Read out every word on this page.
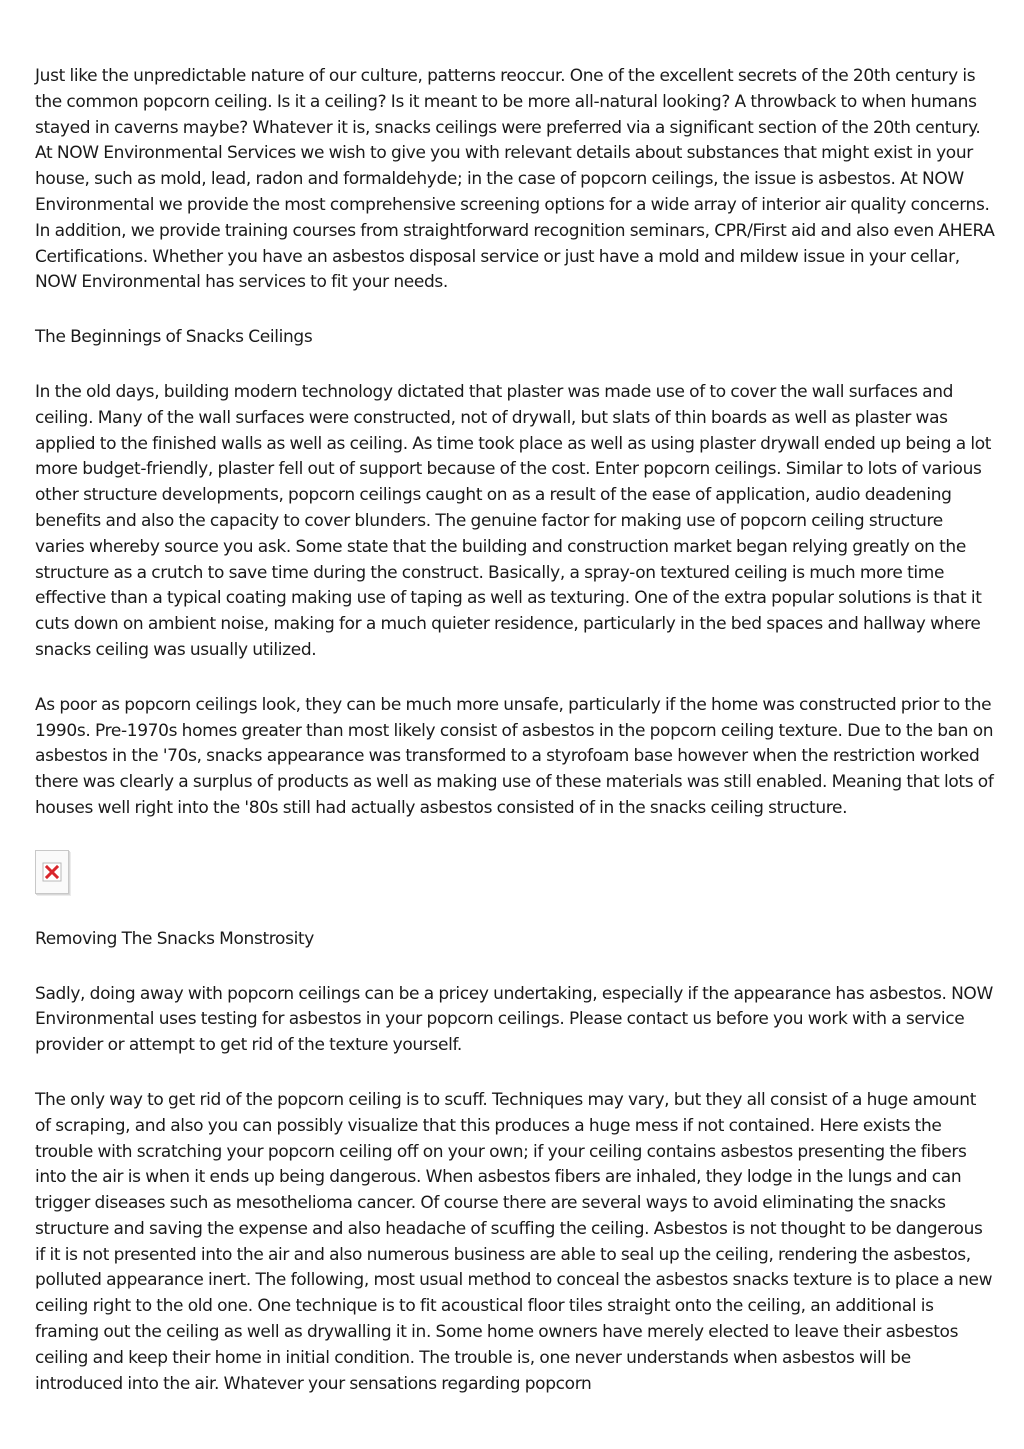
Just like the unpredictable nature of our culture, patterns reoccur. One of the excellent secrets of the 20th century is the common popcorn ceiling. Is it a ceiling? Is it meant to be more all-natural looking? A throwback to when humans stayed in caverns maybe? Whatever it is, snacks ceilings were preferred via a significant section of the 20th century. At NOW Environmental Services we wish to give you with relevant details about substances that might exist in your house, such as mold, lead, radon and formaldehyde; in the case of popcorn ceilings, the issue is asbestos. At NOW Environmental we provide the most comprehensive screening options for a wide array of interior air quality concerns. In addition, we provide training courses from straightforward recognition seminars, CPR/First aid and also even AHERA Certifications. Whether you have an asbestos disposal service or just have a mold and mildew issue in your cellar, NOW Environmental has services to fit your needs.

The Beginnings of Snacks Ceilings

In the old days, building modern technology dictated that plaster was made use of to cover the wall surfaces and ceiling. Many of the wall surfaces were constructed, not of drywall, but slats of thin boards as well as plaster was applied to the finished walls as well as ceiling. As time took place as well as using plaster drywall ended up being a lot more budget-friendly, plaster fell out of support because of the cost. Enter popcorn ceilings. Similar to lots of various other structure developments, popcorn ceilings caught on as a result of the ease of application, audio deadening benefits and also the capacity to cover blunders. The genuine factor for making use of popcorn ceiling structure varies whereby source you ask. Some state that the building and construction market began relying greatly on the structure as a crutch to save time during the construct. Basically, a spray-on textured ceiling is much more time effective than a typical coating making use of taping as well as texturing. One of the extra popular solutions is that it cuts down on ambient noise, making for a much quieter residence, particularly in the bed spaces and hallway where snacks ceiling was usually utilized.

As poor as popcorn ceilings look, they can be much more unsafe, particularly if the home was constructed prior to the 1990s. Pre-1970s homes greater than most likely consist of asbestos in the popcorn ceiling texture. Due to the ban on asbestos in the '70s, snacks appearance was transformed to a styrofoam base however when the restriction worked there was clearly a surplus of products as well as making use of these materials was still enabled. Meaning that lots of houses well right into the '80s still had actually asbestos consisted of in the snacks ceiling structure.

Removing The Snacks Monstrosity

Sadly, doing away with popcorn ceilings can be a pricey undertaking, especially if the appearance has asbestos. NOW Environmental uses testing for asbestos in your popcorn ceilings. Please contact us before you work with a service provider or attempt to get rid of the texture yourself.

The only way to get rid of the popcorn ceiling is to scuff. Techniques may vary, but they all consist of a huge amount of scraping, and also you can possibly visualize that this produces a huge mess if not contained. Here exists the trouble with scratching your popcorn ceiling off on your own; if your ceiling contains asbestos presenting the fibers into the air is when it ends up being dangerous. When asbestos fibers are inhaled, they lodge in the lungs and can trigger diseases such as mesothelioma cancer. Of course there are several ways to avoid eliminating the snacks structure and saving the expense and also headache of scuffing the ceiling. Asbestos is not thought to be dangerous if it is not presented into the air and also numerous business are able to seal up the ceiling, rendering the asbestos, polluted appearance inert. The following, most usual method to conceal the asbestos snacks texture is to place a new ceiling right to the old one. One technique is to fit acoustical floor tiles straight onto the ceiling, an additional is framing out the ceiling as well as drywalling it in. Some home owners have merely elected to leave their asbestos ceiling and keep their home in initial condition. The trouble is, one never understands when asbestos will be introduced into the air. Whatever your sensations regarding popcorn
